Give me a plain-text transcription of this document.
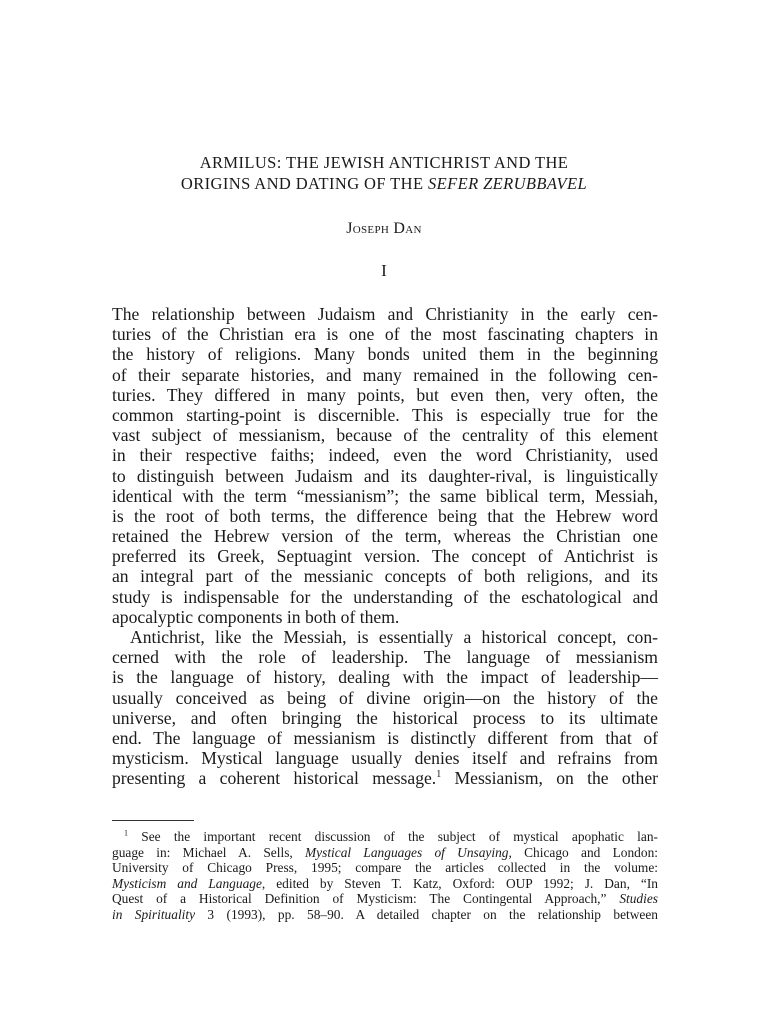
ARMILUS: THE JEWISH ANTICHRIST AND THE
ORIGINS AND DATING OF THE SEFER ZERUBBAVEL
Joseph Dan
I
The relationship between Judaism and Christianity in the early cen-
turies of the Christian era is one of the most fascinating chapters in
the history of religions. Many bonds united them in the beginning
of their separate histories, and many remained in the following cen-
turies. They differed in many points, but even then, very often, the
common starting-point is discernible. This is especially true for the
vast subject of messianism, because of the centrality of this element
in their respective faiths; indeed, even the word Christianity, used
to distinguish between Judaism and its daughter-rival, is linguistically
identical with the term “messianism”; the same biblical term, Messiah,
is the root of both terms, the difference being that the Hebrew word
retained the Hebrew version of the term, whereas the Christian one
preferred its Greek, Septuagint version. The concept of Antichrist is
an integral part of the messianic concepts of both religions, and its
study is indispensable for the understanding of the eschatological and
apocalyptic components in both of them.
Antichrist, like the Messiah, is essentially a historical concept, con-
cerned with the role of leadership. The language of messianism
is the language of history, dealing with the impact of leadership—
usually conceived as being of divine origin—on the history of the
universe, and often bringing the historical process to its ultimate
end. The language of messianism is distinctly different from that of
mysticism. Mystical language usually denies itself and refrains from
presenting a coherent historical message.$^1$ Messianism, on the other
$^1$ See the important recent discussion of the subject of mystical apophatic lan-
guage in: Michael A. Sells, Mystical Languages of Unsaying, Chicago and London:
University of Chicago Press, 1995; compare the articles collected in the volume:
Mysticism and Language, edited by Steven T. Katz, Oxford: OUP 1992; J. Dan, “In
Quest of a Historical Definition of Mysticism: The Contingental Approach,” Studies
in Spirituality 3 (1993), pp. 58–90. A detailed chapter on the relationship between
